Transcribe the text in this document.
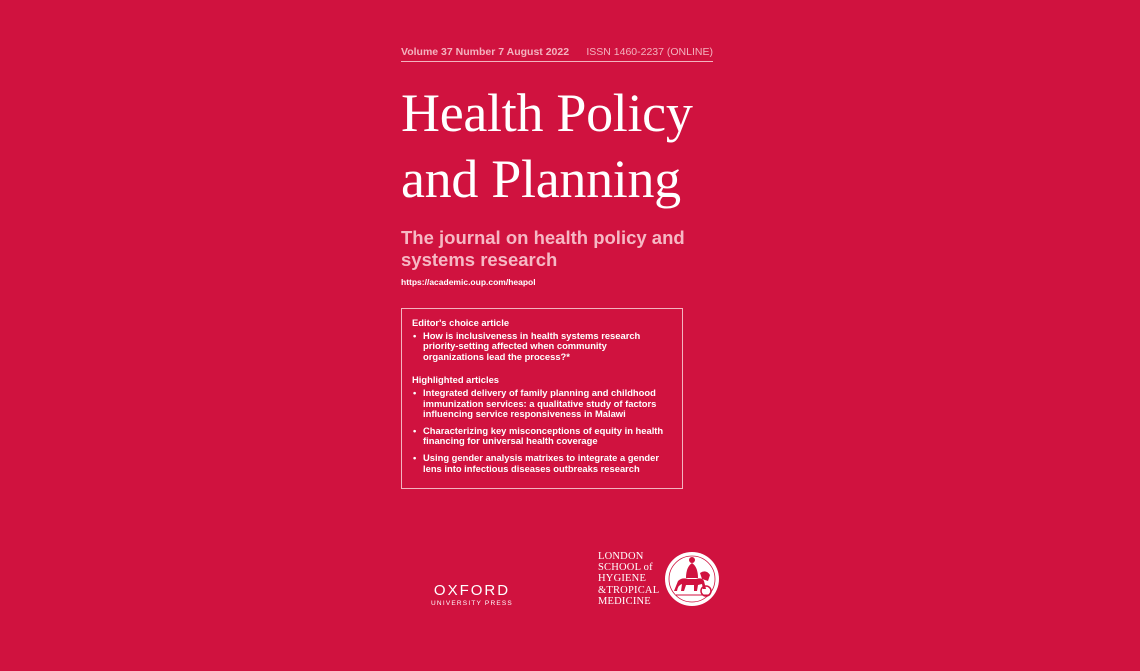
Volume 37 Number 7 August 2022 ISSN 1460-2237 (ONLINE)
Health Policy
and Planning
The journal on health policy and
systems research
https://academic.oup.com/heapol
Editor's choice article
• How is inclusiveness in health systems research
priority-setting affected when community
organizations lead the process?*
Highlighted articles
• Integrated delivery of family planning and childhood
immunization services: a qualitative study of factors
influencing service responsiveness in Malawi
• Characterizing key misconceptions of equity in health
financing for universal health coverage
• Using gender analysis matrixes to integrate a gender
lens into infectious diseases outbreaks research
OXFORD
UNIVERSITY PRESS
LONDON
SCHOOL of
HYGIENE
&TROPICAL
MEDICINE
